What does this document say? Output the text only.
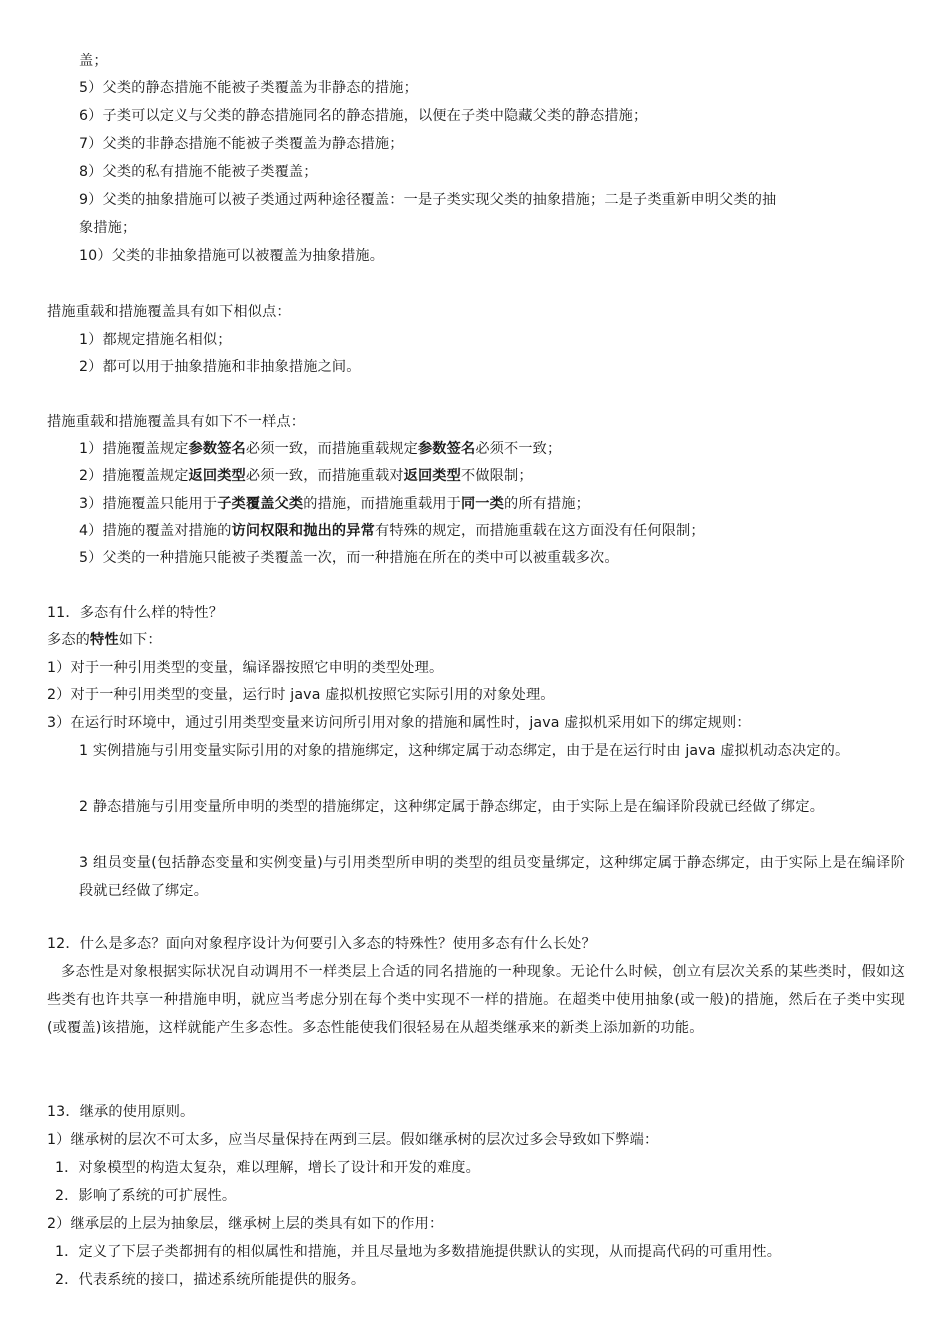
盖；
5）父类的静态措施不能被子类覆盖为非静态的措施；
6）子类可以定义与父类的静态措施同名的静态措施，以便在子类中隐藏父类的静态措施；
7）父类的非静态措施不能被子类覆盖为静态措施；
8）父类的私有措施不能被子类覆盖；
9）父类的抽象措施可以被子类通过两种途径覆盖：一是子类实现父类的抽象措施；二是子类重新申明父类的抽
象措施；
10）父类的非抽象措施可以被覆盖为抽象措施。
措施重载和措施覆盖具有如下相似点：
1）都规定措施名相似；
2）都可以用于抽象措施和非抽象措施之间。
措施重载和措施覆盖具有如下不一样点：
1）措施覆盖规定参数签名必须一致，而措施重载规定参数签名必须不一致；
2）措施覆盖规定返回类型必须一致，而措施重载对返回类型不做限制；
3）措施覆盖只能用于子类覆盖父类的措施，而措施重载用于同一类的所有措施；
4）措施的覆盖对措施的访问权限和抛出的异常有特殊的规定，而措施重载在这方面没有任何限制；
5）父类的一种措施只能被子类覆盖一次，而一种措施在所在的类中可以被重载多次。
11．多态有什么样的特性？
多态的特性如下：
1）对于一种引用类型的变量，编译器按照它申明的类型处理。
2）对于一种引用类型的变量，运行时 java 虚拟机按照它实际引用的对象处理。
3）在运行时环境中，通过引用类型变量来访问所引用对象的措施和属性时，java 虚拟机采用如下的绑定规则：
1 实例措施与引用变量实际引用的对象的措施绑定，这种绑定属于动态绑定，由于是在运行时由 java 虚拟机动态决定的。
2 静态措施与引用变量所申明的类型的措施绑定，这种绑定属于静态绑定，由于实际上是在编译阶段就已经做了绑定。
3 组员变量(包括静态变量和实例变量)与引用类型所申明的类型的组员变量绑定，这种绑定属于静态绑定，由于实际上是在编译阶段就已经做了绑定。
12．什么是多态？面向对象程序设计为何要引入多态的特殊性？使用多态有什么长处？
多态性是对象根据实际状况自动调用不一样类层上合适的同名措施的一种现象。无论什么时候，创立有层次关系的某些类时，假如这些类有也许共享一种措施申明，就应当考虑分别在每个类中实现不一样的措施。在超类中使用抽象(或一般)的措施，然后在子类中实现(或覆盖)该措施，这样就能产生多态性。多态性能使我们很轻易在从超类继承来的新类上添加新的功能。
13．继承的使用原则。
1）继承树的层次不可太多，应当尽量保持在两到三层。假如继承树的层次过多会导致如下弊端：
1．对象模型的构造太复杂，难以理解，增长了设计和开发的难度。
2．影响了系统的可扩展性。
2）继承层的上层为抽象层，继承树上层的类具有如下的作用：
1．定义了下层子类都拥有的相似属性和措施，并且尽量地为多数措施提供默认的实现，从而提高代码的可重用性。
2．代表系统的接口，描述系统所能提供的服务。
